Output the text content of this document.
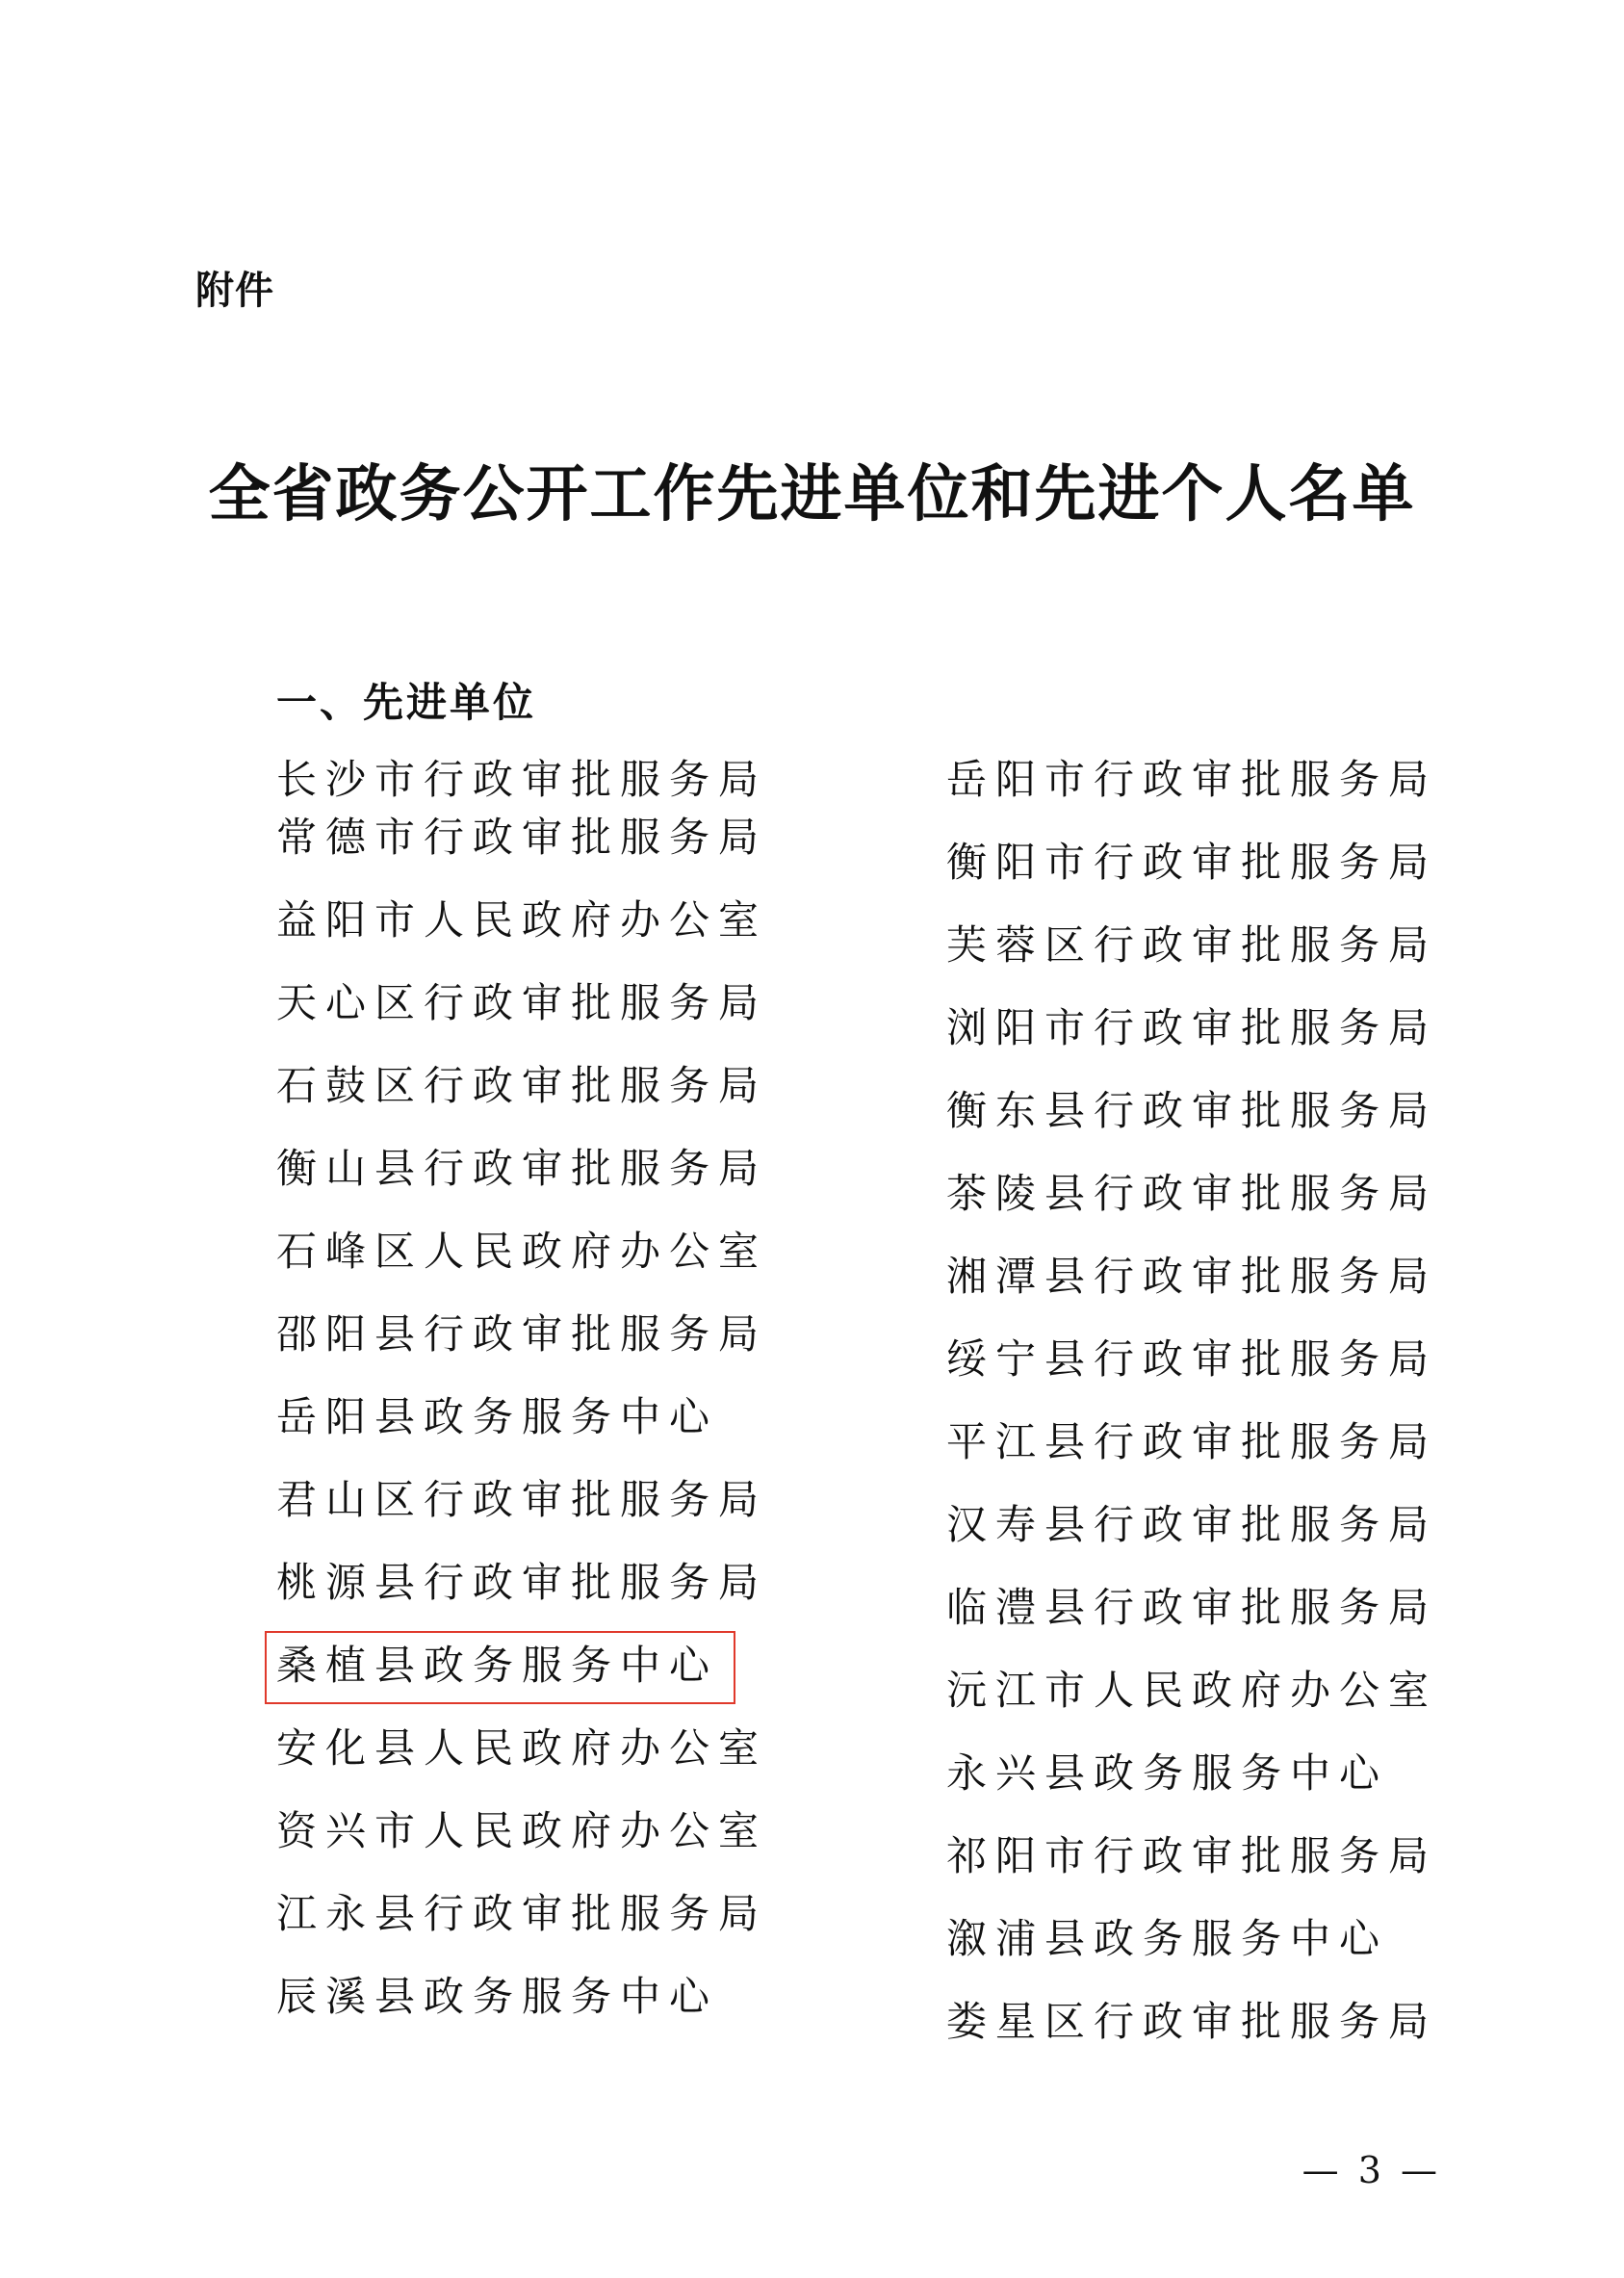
附件
全省政务公开工作先进单位和先进个人名单
一、先进单位
长沙市行政审批服务局
常德市行政审批服务局
益阳市人民政府办公室
天心区行政审批服务局
石鼓区行政审批服务局
衡山县行政审批服务局
石峰区人民政府办公室
邵阳县行政审批服务局
岳阳县政务服务中心
君山区行政审批服务局
桃源县行政审批服务局
桑植县政务服务中心
安化县人民政府办公室
资兴市人民政府办公室
江永县行政审批服务局
辰溪县政务服务中心
岳阳市行政审批服务局
衡阳市行政审批服务局
芙蓉区行政审批服务局
浏阳市行政审批服务局
衡东县行政审批服务局
茶陵县行政审批服务局
湘潭县行政审批服务局
绥宁县行政审批服务局
平江县行政审批服务局
汉寿县行政审批服务局
临澧县行政审批服务局
沅江市人民政府办公室
永兴县政务服务中心
祁阳市行政审批服务局
溆浦县政务服务中心
娄星区行政审批服务局
— 3 —
